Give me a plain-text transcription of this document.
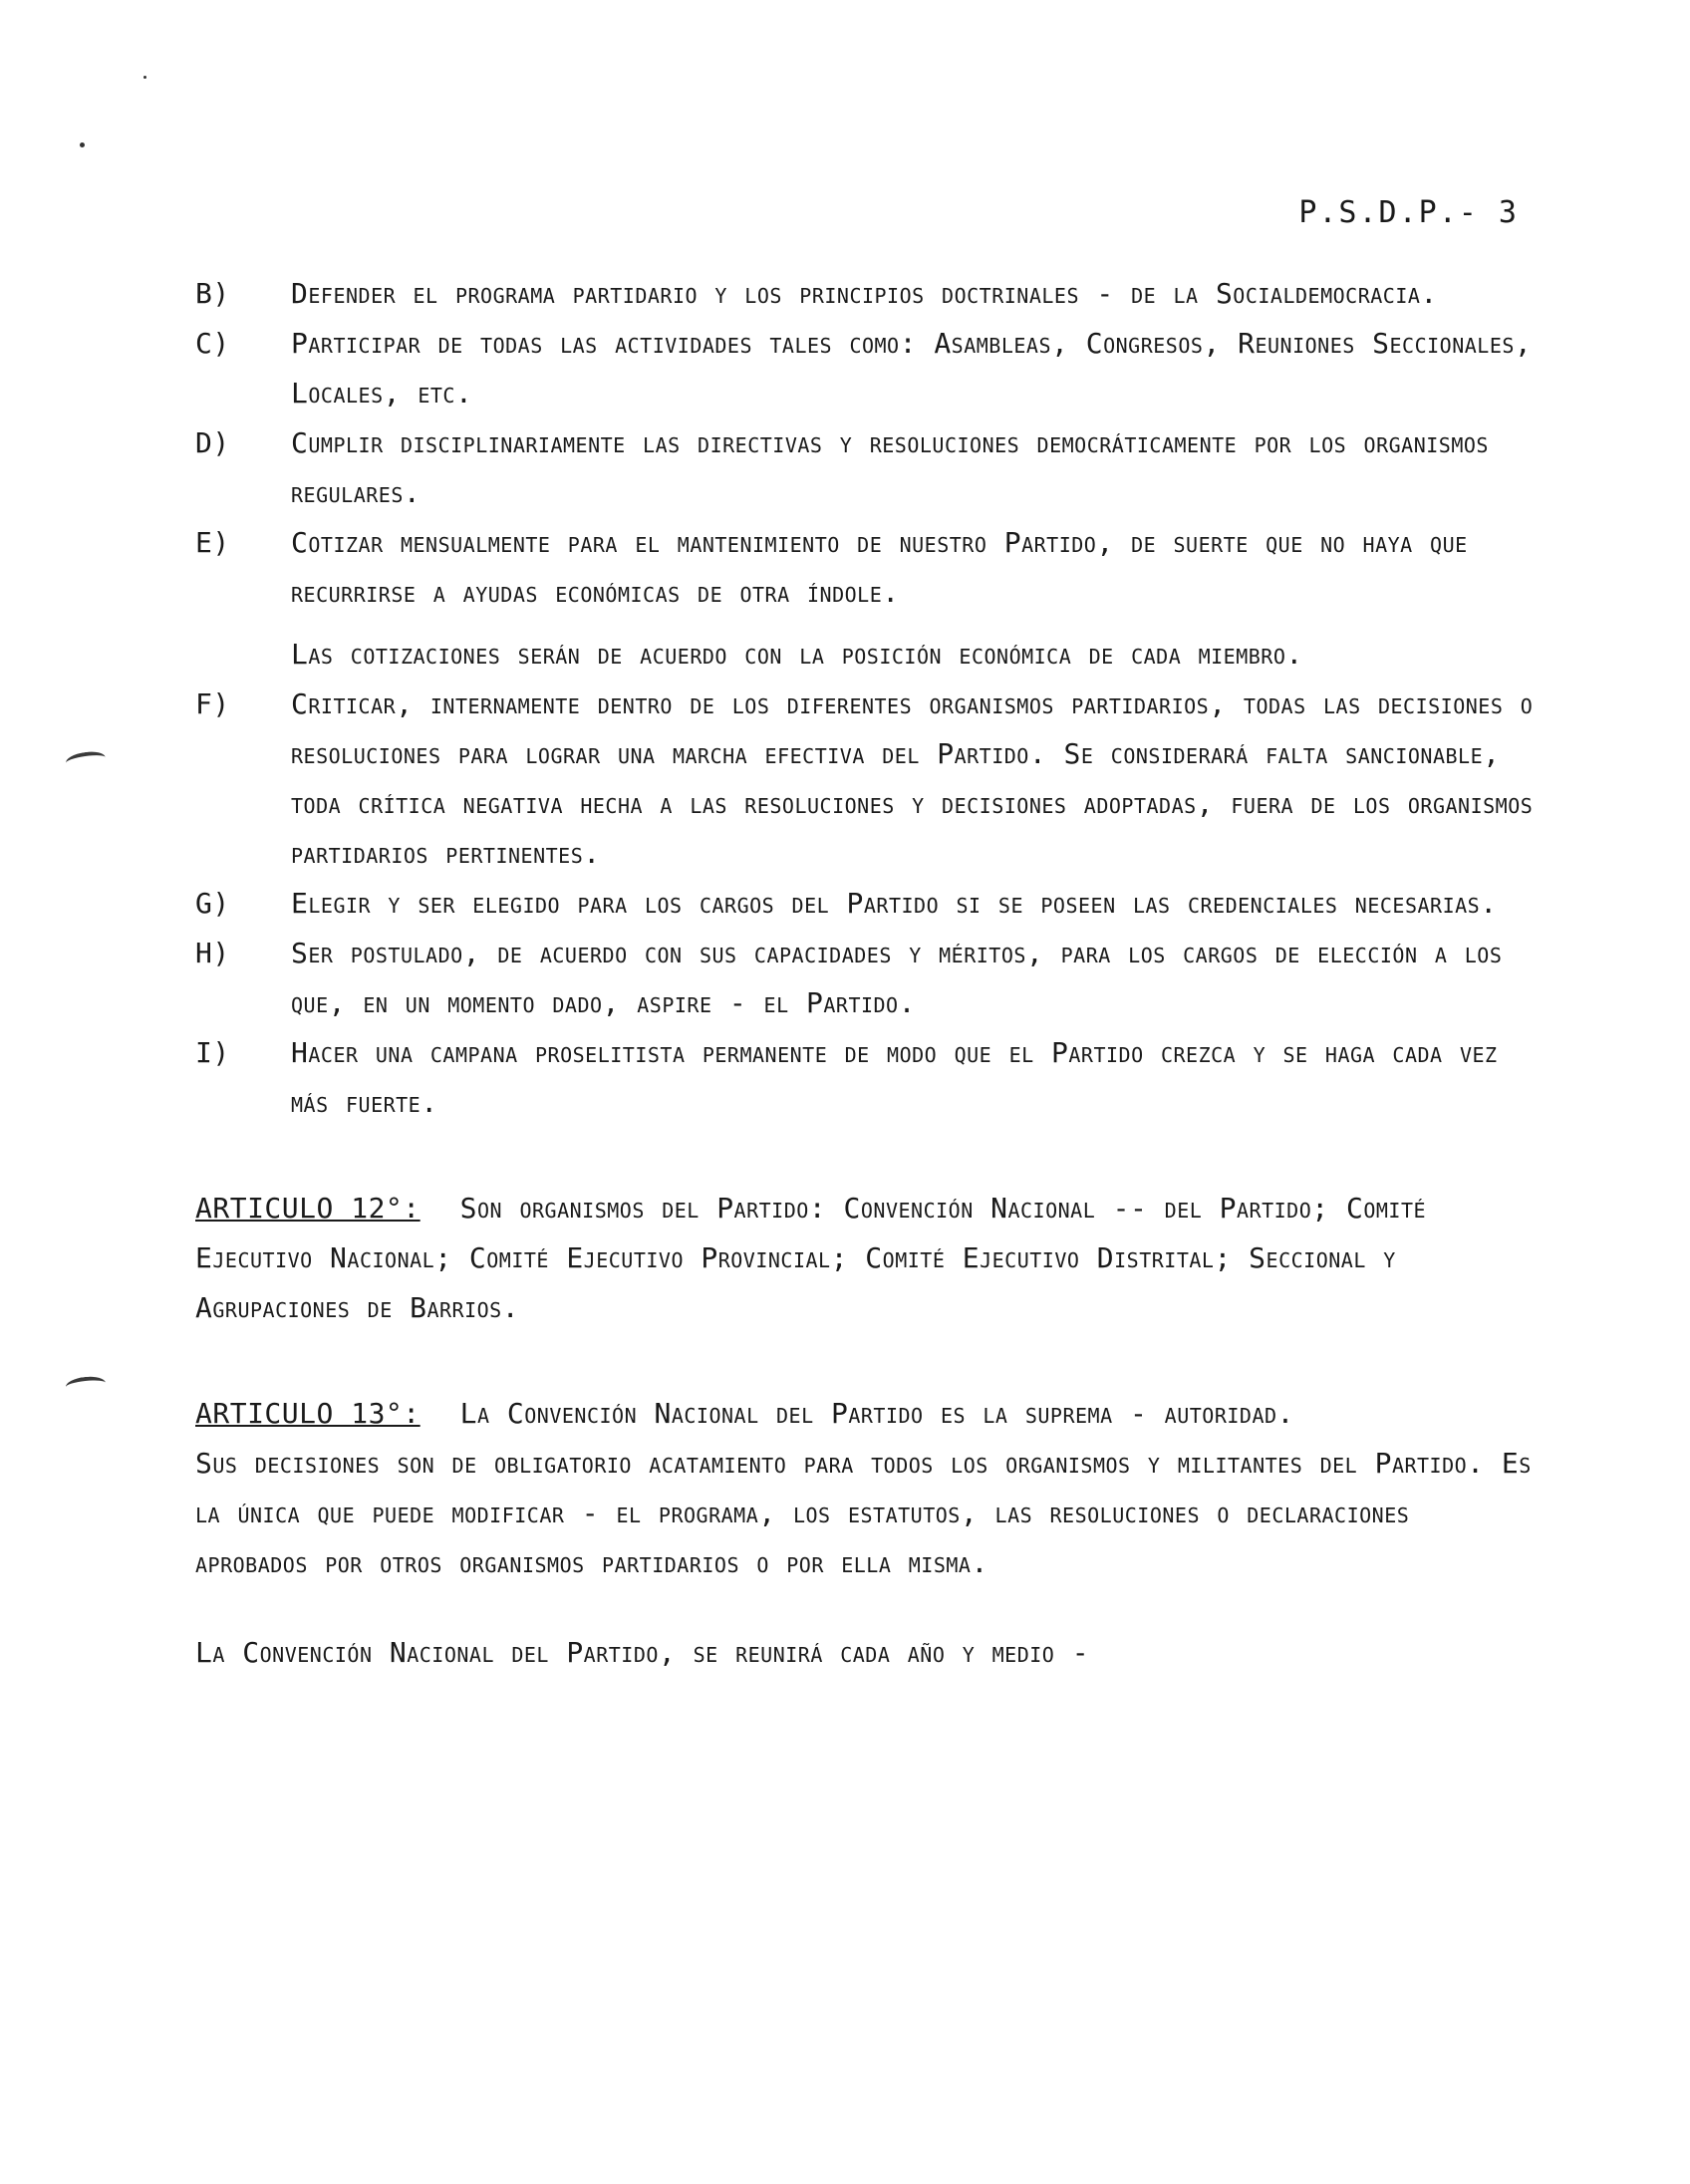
P.S.D.P.- 3
B)	Defender el programa partidario y los principios doctrinales - de la Socialdemocracia.

C)	Participar de todas las actividades tales como: Asambleas, Congresos, Reuniones Seccionales, Locales, etc.

D)	Cumplir disciplinariamente las directivas y resoluciones democráticamente por los organismos regulares.

E)	Cotizar mensualmente para el mantenimiento de nuestro Partido, de suerte que no haya que recurrirse a ayudas económicas de otra índole.

Las cotizaciones serán de acuerdo con la posición económica de cada miembro.

F)	Criticar, internamente dentro de los diferentes organismos partidarios, todas las decisiones o resoluciones para lograr una marcha efectiva del Partido. Se considerará falta sancionable, toda crítica negativa hecha a las resoluciones y decisiones adoptadas, fuera de los organismos partidarios pertinentes.

G)	Elegir y ser elegido para los cargos del Partido si se poseen las credenciales necesarias.

H)	Ser postulado, de acuerdo con sus capacidades y méritos, para los cargos de elección a los que, en un momento dado, aspire - el Partido.

I)	Hacer una campana proselitista permanente de modo que el Partido crezca y se haga cada vez más fuerte.

ARTICULO 12°: Son organismos del Partido: Convención Nacional -- del Partido; Comité Ejecutivo Nacional; Comité Ejecutivo Provincial; Comité Ejecutivo Distrital; Seccional y Agrupaciones de Barrios.

ARTICULO 13°: La Convención Nacional del Partido es la suprema - autoridad.

Sus decisiones son de obligatorio acatamiento para todos los organismos y militantes del Partido. Es la única que puede modificar - el programa, los estatutos, las resoluciones o declaraciones aprobados por otros organismos partidarios o por ella misma.

La Convención Nacional del Partido, se reunirá cada año y medio -
